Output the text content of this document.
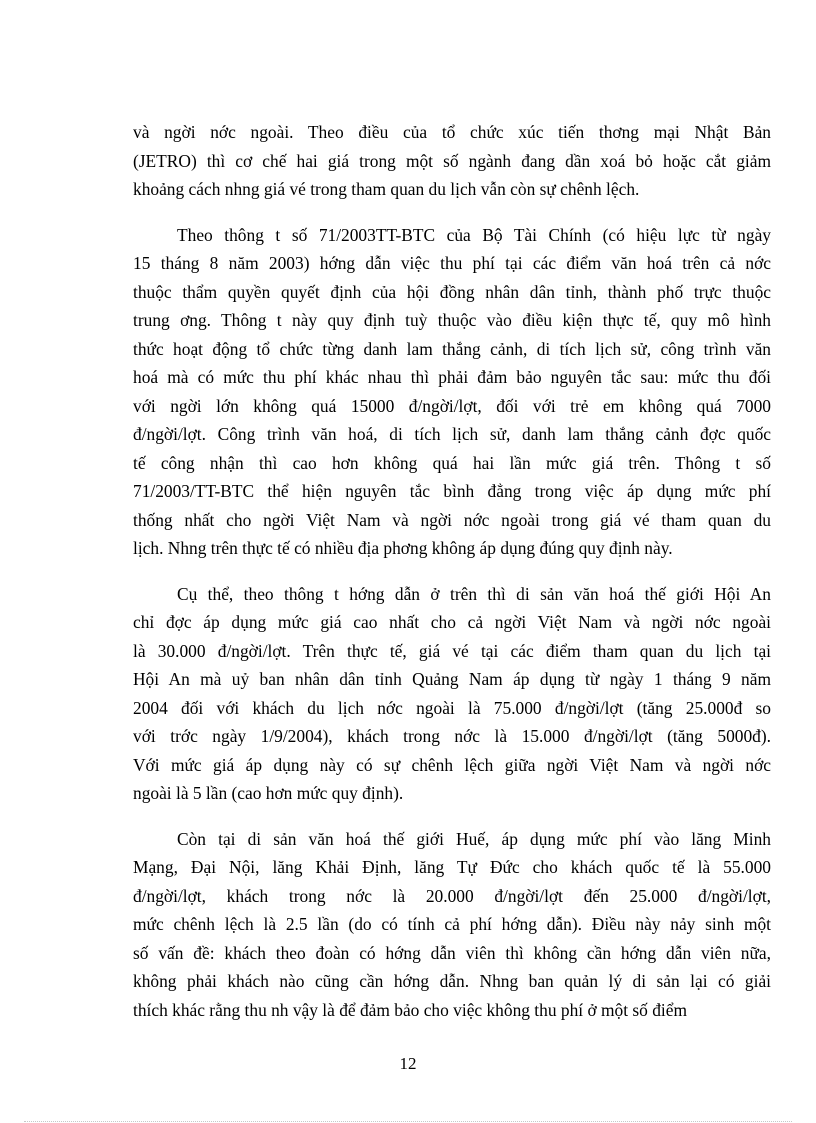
và ngời nớc ngoài. Theo điều của tổ chức xúc tiến thơng mại Nhật Bản
(JETRO) thì cơ chế hai giá trong một số ngành đang dần xoá bỏ hoặc cắt giảm
khoảng cách nhng giá vé trong tham quan du lịch vẫn còn sự chênh lệch.
Theo thông t số 71/2003TT-BTC của Bộ Tài Chính (có hiệu lực từ ngày
15 tháng 8 năm 2003) hớng dẫn việc thu phí tại các điểm văn hoá trên cả nớc
thuộc thẩm quyền quyết định của hội đồng nhân dân tỉnh, thành phố trực thuộc
trung ơng. Thông t này quy định tuỳ thuộc vào điều kiện thực tế, quy mô hình
thức hoạt động tổ chức từng danh lam thắng cảnh, di tích lịch sử, công trình văn
hoá mà có mức thu phí khác nhau thì phải đảm bảo nguyên tắc sau: mức thu đối
với ngời lớn không quá 15000 đ/ngời/lợt, đối với trẻ em không quá 7000
đ/ngời/lợt. Công trình văn hoá, di tích lịch sử, danh lam thắng cảnh đợc quốc
tế công nhận thì cao hơn không quá hai lần mức giá trên. Thông t số
71/2003/TT-BTC thể hiện nguyên tắc bình đẳng trong việc áp dụng mức phí
thống nhất cho ngời Việt Nam và ngời nớc ngoài trong giá vé tham quan du
lịch. Nhng trên thực tế có nhiều địa phơng không áp dụng đúng quy định này.
Cụ thể, theo thông t hớng dẫn ở trên thì di sản văn hoá thế giới Hội An
chỉ đợc áp dụng mức giá cao nhất cho cả ngời Việt Nam và ngời nớc ngoài
là 30.000 đ/ngời/lợt. Trên thực tế, giá vé tại các điểm tham quan du lịch tại
Hội An mà uỷ ban nhân dân tỉnh Quảng Nam áp dụng từ ngày 1 tháng 9 năm
2004 đối với khách du lịch nớc ngoài là 75.000 đ/ngời/lợt (tăng 25.000đ so
với trớc ngày 1/9/2004), khách trong nớc là 15.000 đ/ngời/lợt (tăng 5000đ).
Với mức giá áp dụng này có sự chênh lệch giữa ngời Việt Nam và ngời nớc
ngoài là 5 lần (cao hơn mức quy định).
Còn tại di sản văn hoá thế giới Huế, áp dụng mức phí vào lăng Minh
Mạng, Đại Nội, lăng Khải Định, lăng Tự Đức cho khách quốc tế là 55.000
đ/ngời/lợt, khách trong nớc là 20.000 đ/ngời/lợt đến 25.000 đ/ngời/lợt,
mức chênh lệch là 2.5 lần (do có tính cả phí hớng dẫn). Điều này nảy sinh một
số vấn đề: khách theo đoàn có hớng dẫn viên thì không cần hớng dẫn viên nữa,
không phải khách nào cũng cần hớng dẫn. Nhng ban quản lý di sản lại có giải
thích khác rằng thu nh vậy là để đảm bảo cho việc không thu phí ở một số điểm
12
